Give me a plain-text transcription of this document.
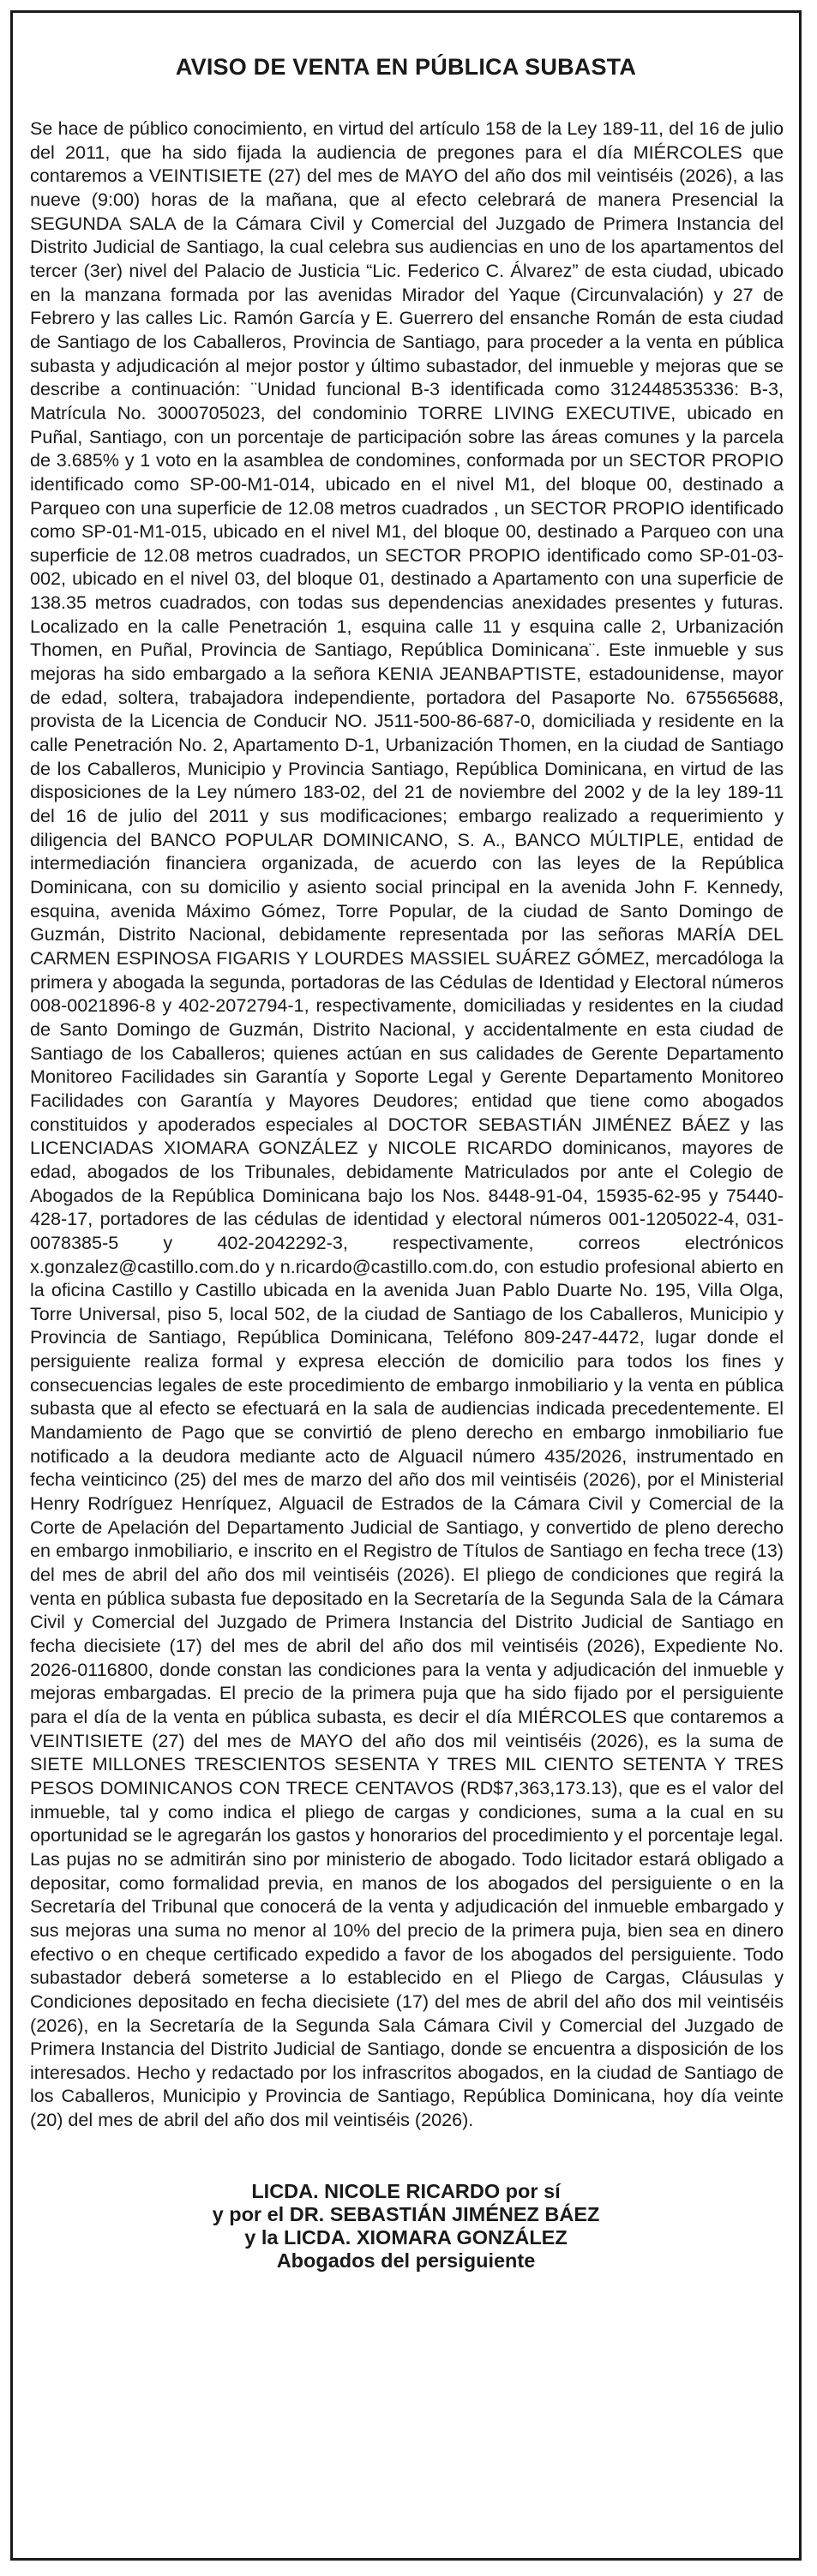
AVISO DE VENTA EN PÚBLICA SUBASTA
Se hace de público conocimiento, en virtud del artículo 158 de la Ley 189-11, del 16 de julio del 2011, que ha sido fijada la audiencia de pregones para el día MIÉRCOLES que contaremos a VEINTISIETE (27) del mes de MAYO del año dos mil veintiséis (2026), a las nueve (9:00) horas de la mañana, que al efecto celebrará de manera Presencial la SEGUNDA SALA de la Cámara Civil y Comercial del Juzgado de Primera Instancia del Distrito Judicial de Santiago, la cual celebra sus audiencias en uno de los apartamentos del tercer (3er) nivel del Palacio de Justicia “Lic. Federico C. Álvarez” de esta ciudad, ubicado en la manzana formada por las avenidas Mirador del Yaque (Circunvalación) y 27 de Febrero y las calles Lic. Ramón García y E. Guerrero del ensanche Román de esta ciudad de Santiago de los Caballeros, Provincia de Santiago, para proceder a la venta en pública subasta y adjudicación al mejor postor y último subastador, del inmueble y mejoras que se describe a continuación: ¨Unidad funcional B-3 identificada como 312448535336: B-3, Matrícula No. 3000705023, del condominio TORRE LIVING EXECUTIVE, ubicado en Puñal, Santiago, con un porcentaje de participación sobre las áreas comunes y la parcela de 3.685% y 1 voto en la asamblea de condomines, conformada por un SECTOR PROPIO identificado como SP-00-M1-014, ubicado en el nivel M1, del bloque 00, destinado a Parqueo con una superficie de 12.08 metros cuadrados , un SECTOR PROPIO identificado como SP-01-M1-015, ubicado en el nivel M1, del bloque 00, destinado a Parqueo con una superficie de 12.08 metros cuadrados, un SECTOR PROPIO identificado como SP-01-03-002, ubicado en el nivel 03, del bloque 01, destinado a Apartamento con una superficie de 138.35 metros cuadrados, con todas sus dependencias anexidades presentes y futuras. Localizado en la calle Penetración 1, esquina calle 11 y esquina calle 2, Urbanización Thomen, en Puñal, Provincia de Santiago, República Dominicana¨. Este inmueble y sus mejoras ha sido embargado a la señora KENIA JEANBAPTISTE, estadounidense, mayor de edad, soltera, trabajadora independiente, portadora del Pasaporte No. 675565688, provista de la Licencia de Conducir NO. J511-500-86-687-0, domiciliada y residente en la calle Penetración No. 2, Apartamento D-1, Urbanización Thomen, en la ciudad de Santiago de los Caballeros, Municipio y Provincia Santiago, República Dominicana, en virtud de las disposiciones de la Ley número 183-02, del 21 de noviembre del 2002 y de la ley 189-11 del 16 de julio del 2011 y sus modificaciones; embargo realizado a requerimiento y diligencia del BANCO POPULAR DOMINICANO, S. A., BANCO MÚLTIPLE, entidad de intermediación financiera organizada, de acuerdo con las leyes de la República Dominicana, con su domicilio y asiento social principal en la avenida John F. Kennedy, esquina, avenida Máximo Gómez, Torre Popular, de la ciudad de Santo Domingo de Guzmán, Distrito Nacional, debidamente representada por las señoras MARÍA DEL CARMEN ESPINOSA FIGARIS Y LOURDES MASSIEL SUÁREZ GÓMEZ, mercadóloga la primera y abogada la segunda, portadoras de las Cédulas de Identidad y Electoral números 008-0021896-8 y 402-2072794-1, respectivamente, domiciliadas y residentes en la ciudad de Santo Domingo de Guzmán, Distrito Nacional, y accidentalmente en esta ciudad de Santiago de los Caballeros; quienes actúan en sus calidades de Gerente Departamento Monitoreo Facilidades sin Garantía y Soporte Legal y Gerente Departamento Monitoreo Facilidades con Garantía y Mayores Deudores; entidad que tiene como abogados constituidos y apoderados especiales al DOCTOR SEBASTIÁN JIMÉNEZ BÁEZ y las LICENCIADAS XIOMARA GONZÁLEZ y NICOLE RICARDO dominicanos, mayores de edad, abogados de los Tribunales, debidamente Matriculados por ante el Colegio de Abogados de la República Dominicana bajo los Nos. 8448-91-04, 15935-62-95 y 75440-428-17, portadores de las cédulas de identidad y electoral números 001-1205022-4, 031-0078385-5 y 402-2042292-3, respectivamente, correos electrónicos x.gonzalez@castillo.com.do y n.ricardo@castillo.com.do, con estudio profesional abierto en la oficina Castillo y Castillo ubicada en la avenida Juan Pablo Duarte No. 195, Villa Olga, Torre Universal, piso 5, local 502, de la ciudad de Santiago de los Caballeros, Municipio y Provincia de Santiago, República Dominicana, Teléfono 809-247-4472, lugar donde el persiguiente realiza formal y expresa elección de domicilio para todos los fines y consecuencias legales de este procedimiento de embargo inmobiliario y la venta en pública subasta que al efecto se efectuará en la sala de audiencias indicada precedentemente. El Mandamiento de Pago que se convirtió de pleno derecho en embargo inmobiliario fue notificado a la deudora mediante acto de Alguacil número 435/2026, instrumentado en fecha veinticinco (25) del mes de marzo del año dos mil veintiséis (2026), por el Ministerial Henry Rodríguez Henríquez, Alguacil de Estrados de la Cámara Civil y Comercial de la Corte de Apelación del Departamento Judicial de Santiago, y convertido de pleno derecho en embargo inmobiliario, e inscrito en el Registro de Títulos de Santiago en fecha trece (13) del mes de abril del año dos mil veintiséis (2026). El pliego de condiciones que regirá la venta en pública subasta fue depositado en la Secretaría de la Segunda Sala de la Cámara Civil y Comercial del Juzgado de Primera Instancia del Distrito Judicial de Santiago en fecha diecisiete (17) del mes de abril del año dos mil veintiséis (2026), Expediente No. 2026-0116800, donde constan las condiciones para la venta y adjudicación del inmueble y mejoras embargadas. El precio de la primera puja que ha sido fijado por el persiguiente para el día de la venta en pública subasta, es decir el día MIÉRCOLES que contaremos a VEINTISIETE (27) del mes de MAYO del año dos mil veintiséis (2026), es la suma de SIETE MILLONES TRESCIENTOS SESENTA Y TRES MIL CIENTO SETENTA Y TRES PESOS DOMINICANOS CON TRECE CENTAVOS (RD$7,363,173.13), que es el valor del inmueble, tal y como indica el pliego de cargas y condiciones, suma a la cual en su oportunidad se le agregarán los gastos y honorarios del procedimiento y el porcentaje legal. Las pujas no se admitirán sino por ministerio de abogado. Todo licitador estará obligado a depositar, como formalidad previa, en manos de los abogados del persiguiente o en la Secretaría del Tribunal que conocerá de la venta y adjudicación del inmueble embargado y sus mejoras una suma no menor al 10% del precio de la primera puja, bien sea en dinero efectivo o en cheque certificado expedido a favor de los abogados del persiguiente. Todo subastador deberá someterse a lo establecido en el Pliego de Cargas, Cláusulas y Condiciones depositado en fecha diecisiete (17) del mes de abril del año dos mil veintiséis (2026), en la Secretaría de la Segunda Sala Cámara Civil y Comercial del Juzgado de Primera Instancia del Distrito Judicial de Santiago, donde se encuentra a disposición de los interesados. Hecho y redactado por los infrascritos abogados, en la ciudad de Santiago de los Caballeros, Municipio y Provincia de Santiago, República Dominicana, hoy día veinte (20) del mes de abril del año dos mil veintiséis (2026).
LICDA. NICOLE RICARDO por sí
y por el DR. SEBASTIÁN JIMÉNEZ BÁEZ
y la LICDA. XIOMARA GONZÁLEZ
Abogados del persiguiente
